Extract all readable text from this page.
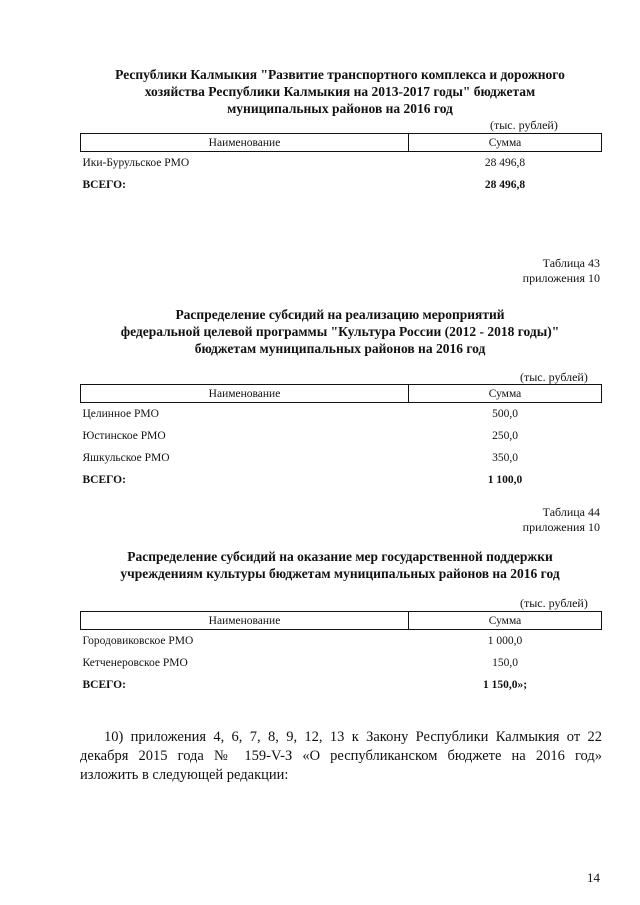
Республики Калмыкия "Развитие транспортного комплекса и дорожного
хозяйства Республики Калмыкия на 2013-2017 годы" бюджетам
муниципальных районов на 2016 год
(тыс. рублей)
Наименование	Сумма
Ики-Бурульское РМО	28 496,8
ВСЕГО:	28 496,8
Таблица 43
приложения 10
Распределение субсидий на реализацию мероприятий
федеральной целевой программы "Культура России (2012 - 2018 годы)"
бюджетам муниципальных районов на 2016 год
(тыс. рублей)
Наименование	Сумма
Целинное РМО	500,0
Юстинское РМО	250,0
Яшкульское РМО	350,0
ВСЕГО:	1 100,0
Таблица 44
приложения 10
Распределение субсидий на оказание мер государственной поддержки
учреждениям культуры бюджетам муниципальных районов на 2016 год
(тыс. рублей)
Наименование	Сумма
Городовиковское РМО	1 000,0
Кетченеровское РМО	150,0
ВСЕГО:	1 150,0»;
10) приложения 4, 6, 7, 8, 9, 12, 13 к Закону Республики Калмыкия от 22
декабря 2015 года № 159-V-З «О республиканском бюджете на 2016 год»
изложить в следующей редакции:
14
